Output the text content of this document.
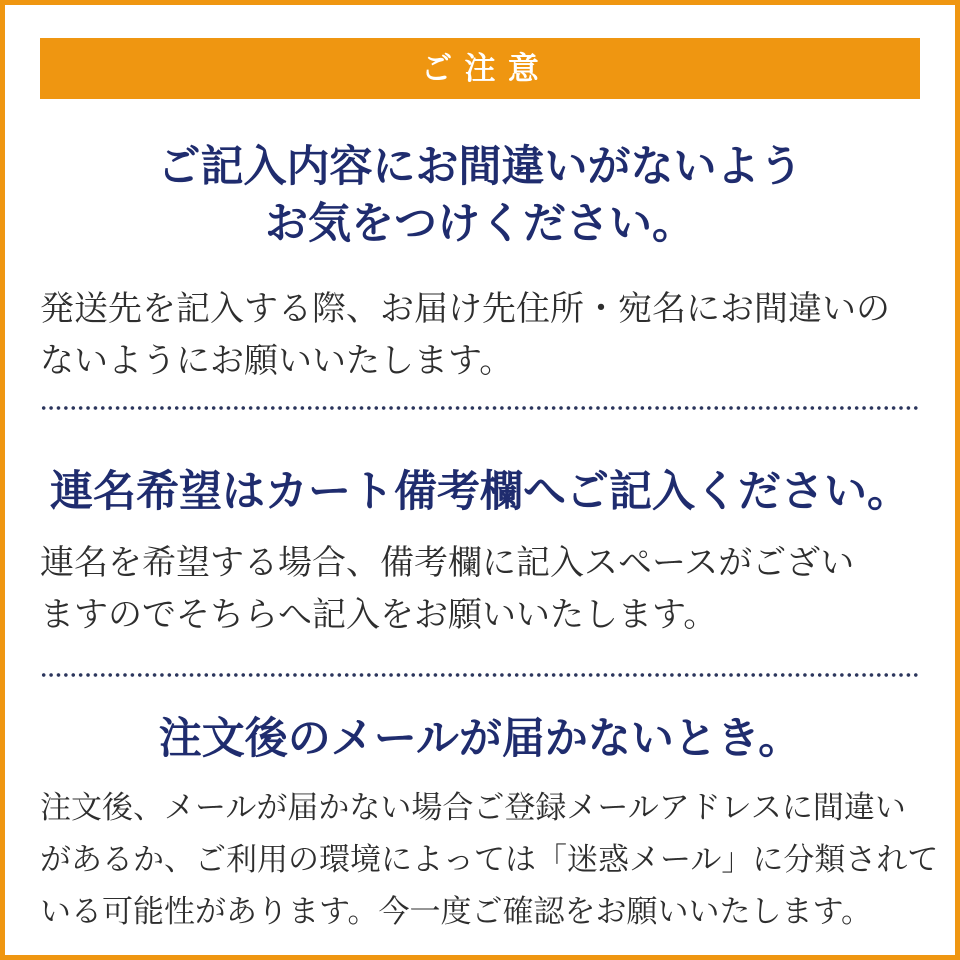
ご注意
ご記入内容にお間違いがないよう
お気をつけください。

発送先を記入する際、お届け先住所・宛名にお間違いの
ないようにお願いいたします。

連名希望はカート備考欄へご記入ください。

連名を希望する場合、備考欄に記入スペースがござい
ますのでそちらへ記入をお願いいたします。

注文後のメールが届かないとき。

注文後、メールが届かない場合ご登録メールアドレスに間違い
があるか、ご利用の環境によっては「迷惑メール」に分類されて
いる可能性があります。今一度ご確認をお願いいたします。
